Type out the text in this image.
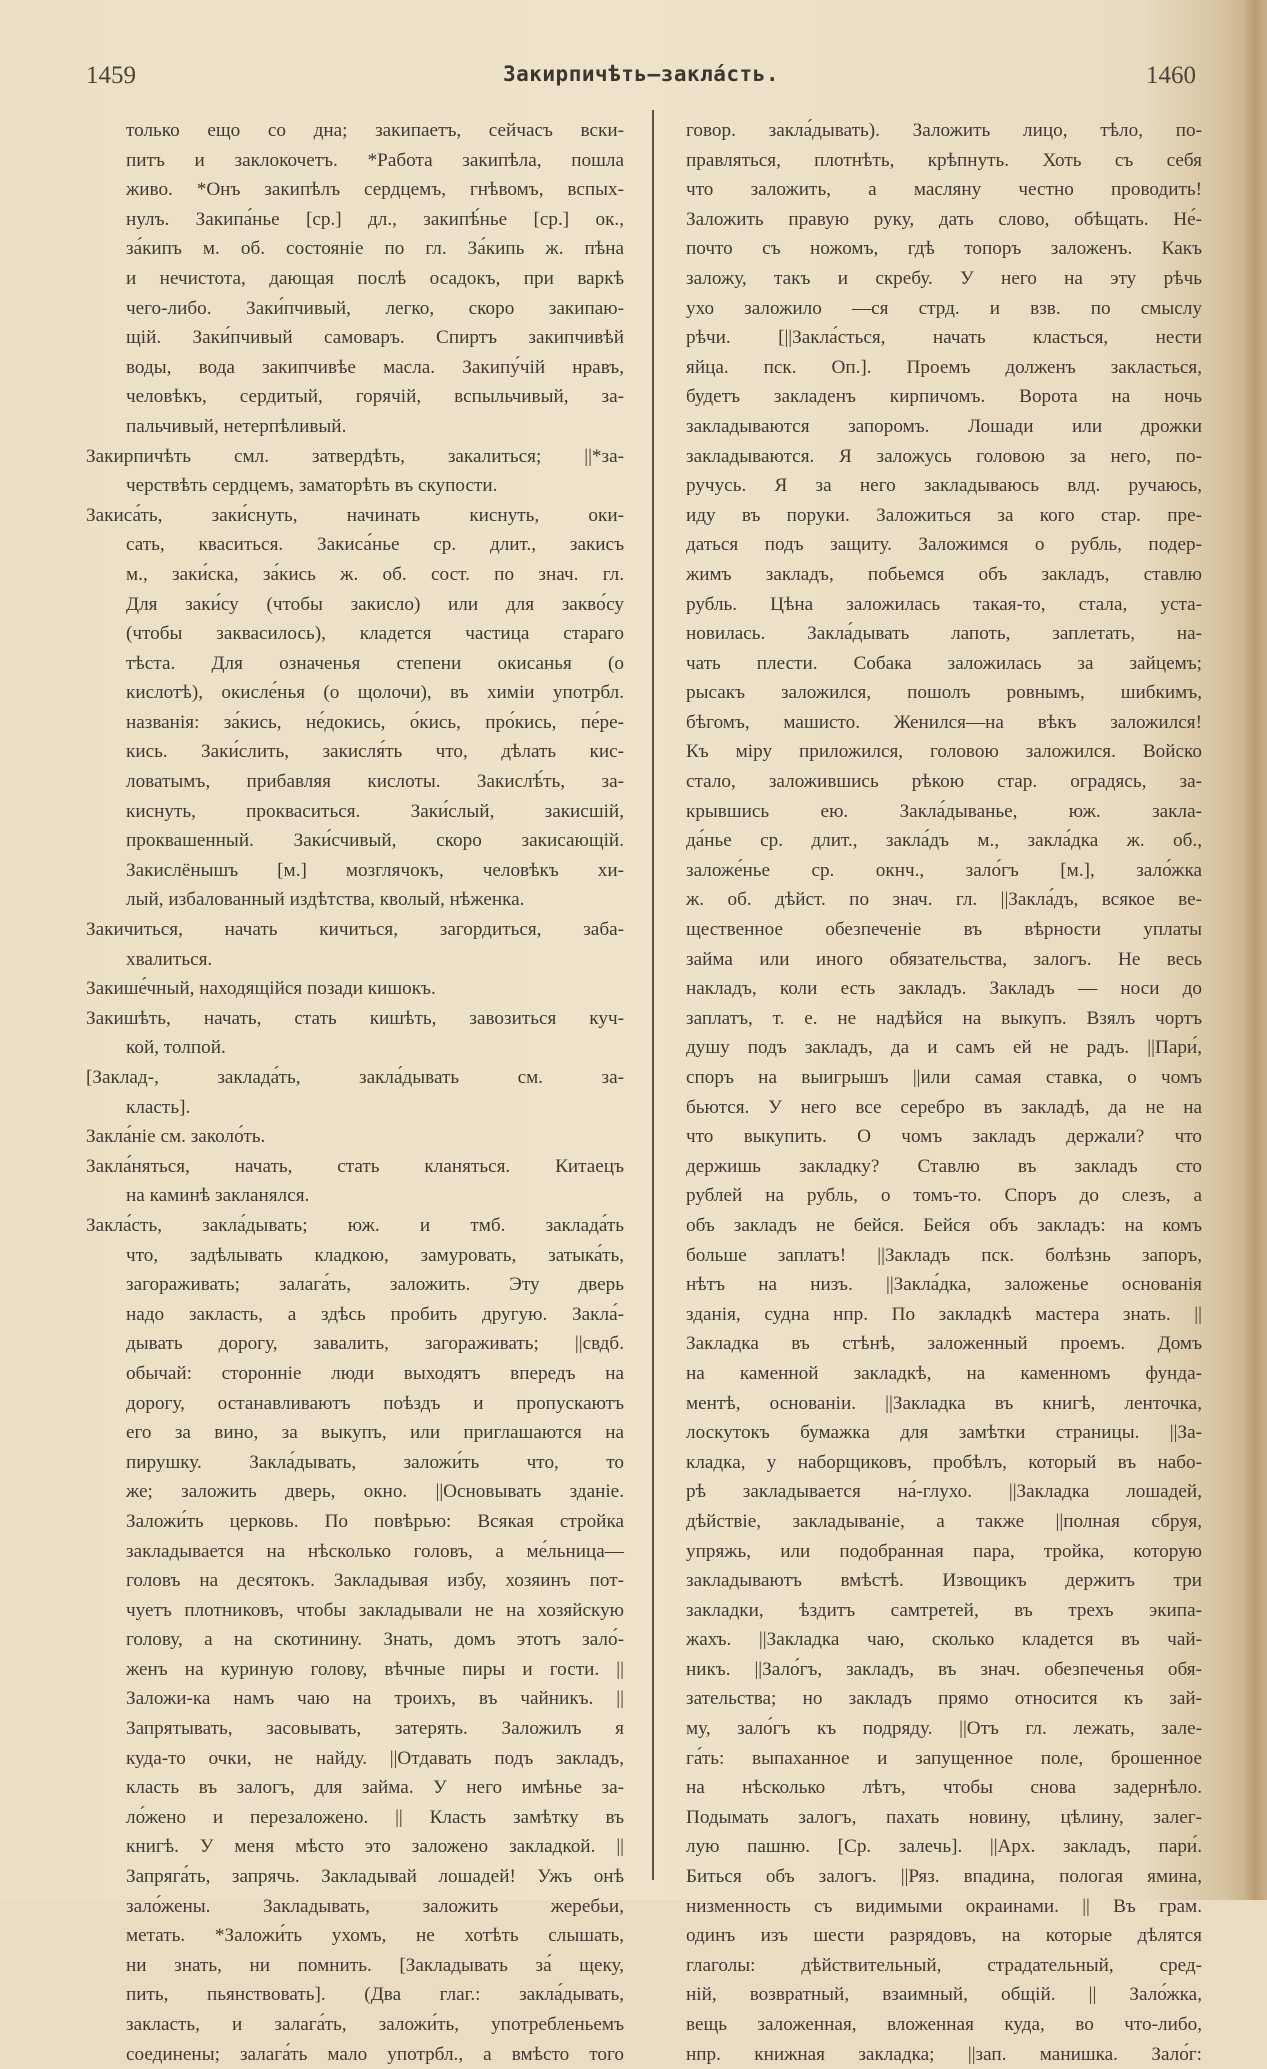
1459	Закирпичѣть—закла́сть.	1460
только ещо со дна; закипаетъ, сейчасъ вски-
питъ и заклокочетъ. *Работа закипѣла, пошла
живо. *Онъ закипѣлъ сердцемъ, гнѣвомъ, вспых-
нулъ. Закипа́нье [ср.] дл., закипѣ́нье [ср.] ок.,
за́кипъ м. об. состоянiе по гл. За́кипь ж. пѣна
и нечистота, дающая послѣ осадокъ, при варкѣ
чего-либо. Заки́пчивый, легко, скоро закипаю-
щiй. Заки́пчивый самоваръ. Спиртъ закипчивѣй
воды, вода закипчивѣе масла. Закипу́чiй нравъ,
человѣкъ, сердитый, горячiй, вспыльчивый, за-
пальчивый, нетерпѣливый.
Закирпичѣть смл. затвердѣть, закалиться; ||*за-
черствѣть сердцемъ, заматорѣть въ скупости.
Закиса́ть, заки́снуть, начинать киснуть, оки-
сать, кваситься. Закиса́нье ср. длит., закисъ
м., заки́ска, за́кись ж. об. сост. по знач. гл.
Для заки́су (чтобы закисло) или для закво́су
(чтобы заквасилось), кладется частица стараго
тѣста. Для означенья степени окисанья (о
кислотѣ), окисле́нья (о щолочи), въ химiи употрбл.
названiя: за́кись, не́докись, о́кись, про́кись, пе́ре-
кись. Заки́слить, закисля́ть что, дѣлать кис-
ловатымъ, прибавляя кислоты. Закислѣ́ть, за-
киснуть, прокваситься. Заки́слый, закисшiй,
проквашенный. Заки́счивый, скоро закисающiй.
Закислёнышъ [м.] мозглячокъ, человѣкъ хи-
лый, избалованный издѣтства, кволый, нѣженка.
Закичиться, начать кичиться, загордиться, заба-
хвалиться.
Закише́чный, находящiйся позади кишокъ.
Закишѣть, начать, стать кишѣть, завозиться куч-
кой, толпой.
[Заклад-, заклада́ть, закла́дывать см. за-
класть].
Закла́нiе см. заколо́ть.
Закла́няться, начать, стать кланяться. Китаецъ
на каминѣ закланялся.
Закла́сть, закла́дывать; юж. и тмб. заклада́ть
что, задѣлывать кладкою, замуровать, затыка́ть,
загораживать; залага́ть, заложить. Эту дверь
надо закласть, а здѣсь пробить другую. Закла́-
дывать дорогу, завалить, загораживать; ||свдб.
обычай: стороннiе люди выходятъ впередъ на
дорогу, останавливаютъ поѣздъ и пропускаютъ
его за вино, за выкупъ, или приглашаются на
пирушку. Закла́дывать, заложи́ть что, то
же; заложить дверь, окно. ||Основывать зданiе.
Заложи́ть церковь. По повѣрью: Всякая стройка
закладывается на нѣсколько головъ, а ме́льница—
головъ на десятокъ. Закладывая избу, хозяинъ пот-
чуетъ плотниковъ, чтобы закладывали не на хозяйскую
голову, а на скотинину. Знать, домъ этотъ зало́-
женъ на куриную голову, вѣчные пиры и гости. ||
Заложи-ка намъ чаю на троихъ, въ чайникъ. ||
Запрятывать, засовывать, затерять. Заложилъ я
куда-то очки, не найду. ||Отдавать подъ закладъ,
класть въ залогъ, для займа. У него имѣнье за-
ло́жено и перезаложено. || Класть замѣтку въ
книгѣ. У меня мѣсто это заложено закладкой. ||
Запряга́ть, запрячь. Закладывай лошадей! Ужъ онѣ
зало́жены. Закладывать, заложить жеребьи,
метать. *Заложи́ть ухомъ, не хотѣть слышать,
ни знать, ни помнить. [Закладывать за́ щеку,
пить, пьянствовать]. (Два глаг.: закла́дывать,
закласть, и залага́ть, заложи́ть, употребленьемъ
соединены; залага́ть мало употрбл., а вмѣсто того
говор. закла́дывать). Заложить лицо, тѣло, по-
правляться, плотнѣть, крѣпнуть. Хоть съ себя
что заложить, а масляну честно проводить!
Заложить правую руку, дать слово, обѣщать. Не́-
почто съ ножомъ, гдѣ топоръ заложенъ. Какъ
заложу, такъ и скребу. У него на эту рѣчь
ухо заложило —ся стрд. и взв. по смыслу
рѣчи. [||Закла́сться, начать класться, нести
яйца. пск. Оп.]. Проемъ долженъ закласться,
будетъ закладенъ кирпичомъ. Ворота на ночь
закладываются запоромъ. Лошади или дрожки
закладываются. Я заложусь головою за него, по-
ручусь. Я за него закладываюсь влд. ручаюсь,
иду въ поруки. Заложиться за кого стар. пре-
даться подъ защиту. Заложимся о рубль, подер-
жимъ закладъ, побьемся объ закладъ, ставлю
рубль. Цѣна заложилась такая-то, стала, уста-
новилась. Закла́дывать лапоть, заплетать, на-
чать плести. Собака заложилась за зайцемъ;
рысакъ заложился, пошолъ ровнымъ, шибкимъ,
бѣгомъ, машисто. Женился—на вѣкъ заложился!
Къ мiру приложился, головою заложился. Войско
стало, заложившись рѣкою стар. оградясь, за-
крывшись ею. Закла́дыванье, юж. закла-
да́нье ср. длит., закла́дъ м., закла́дка ж. об.,
заложе́нье ср. окнч., зало́гъ [м.], зало́жка
ж. об. дѣйст. по знач. гл. ||Закла́дъ, всякое ве-
щественное обезпеченiе въ вѣрности уплаты
займа или иного обязательства, залогъ. Не весь
накладъ, коли есть закладъ. Закладъ — носи до
заплатъ, т. е. не надѣйся на выкупъ. Взялъ чортъ
душу подъ закладъ, да и самъ ей не радъ. ||Пари́,
споръ на выигрышъ ||или самая ставка, о чомъ
бьются. У него все серебро въ закладѣ, да не на
что выкупить. О чомъ закладъ держали? что
держишь закладку? Ставлю въ закладъ сто
рублей на рубль, о томъ-то. Споръ до слезъ, а
объ закладъ не бейся. Бейся объ закладъ: на комъ
больше заплатъ! ||Закладъ пск. болѣзнь запоръ,
нѣтъ на низъ. ||Закла́дка, заложенье основанiя
зданiя, судна нпр. По закладкѣ мастера знать. ||
Закладка въ стѣнѣ, заложенный проемъ. Домъ
на каменной закладкѣ, на каменномъ фунда-
ментѣ, основанiи. ||Закладка въ книгѣ, ленточка,
лоскутокъ бумажка для замѣтки страницы. ||За-
кладка, у наборщиковъ, пробѣлъ, который въ набо-
рѣ закладывается на́-глухо. ||Закладка лошадей,
дѣйствiе, закладыванiе, а также ||полная сбруя,
упряжь, или подобранная пара, тройка, которую
закладываютъ вмѣстѣ. Извощикъ держитъ три
закладки, ѣздитъ самтретей, въ трехъ экипа-
жахъ. ||Закладка чаю, сколько кладется въ чай-
никъ. ||Зало́гъ, закладъ, въ знач. обезпеченья обя-
зательства; но закладъ прямо относится къ зай-
му, зало́гъ къ подряду. ||Отъ гл. лежать, зале-
га́ть: выпаханное и запущенное поле, брошенное
на нѣсколько лѣтъ, чтобы снова задернѣло.
Подымать залогъ, пахать новину, цѣлину, залег-
лую пашню. [Ср. залечь]. ||Арх. закладъ, пари́.
Биться объ залогъ. ||Ряз. впадина, пологая ямина,
низменность съ видимыми окраинами. || Въ грам.
одинъ изъ шести разрядовъ, на которые дѣлятся
глаголы: дѣйствительный, страдательный, сред-
нiй, возвратный, взаимный, общiй. || Зало́жка,
вещь заложенная, вложенная куда, во что-либо,
нпр. книжная закладка; ||зап. манишка. Зало́г:
